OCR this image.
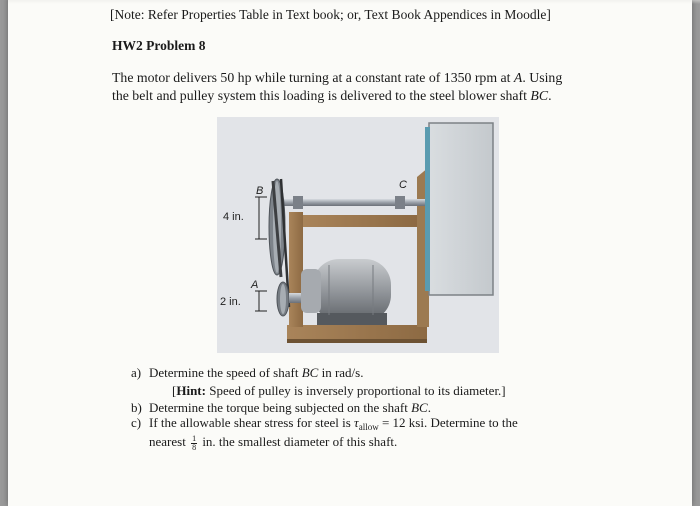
[Note: Refer Properties Table in Text book; or, Text Book Appendices in Moodle]
HW2 Problem 8
The motor delivers 50 hp while turning at a constant rate of 1350 rpm at A. Using
the belt and pulley system this loading is delivered to the steel blower shaft BC.
B	C
A
4 in.
2 in.
a) Determine the speed of shaft BC in rad/s.
[Hint: Speed of pulley is inversely proportional to its diameter.]
b) Determine the torque being subjected on the shaft BC.
c) If the allowable shear stress for steel is $\tau_{allow} = 12$ ksi. Determine to the
nearest $\frac{1}{8}$ in. the smallest diameter of this shaft.
